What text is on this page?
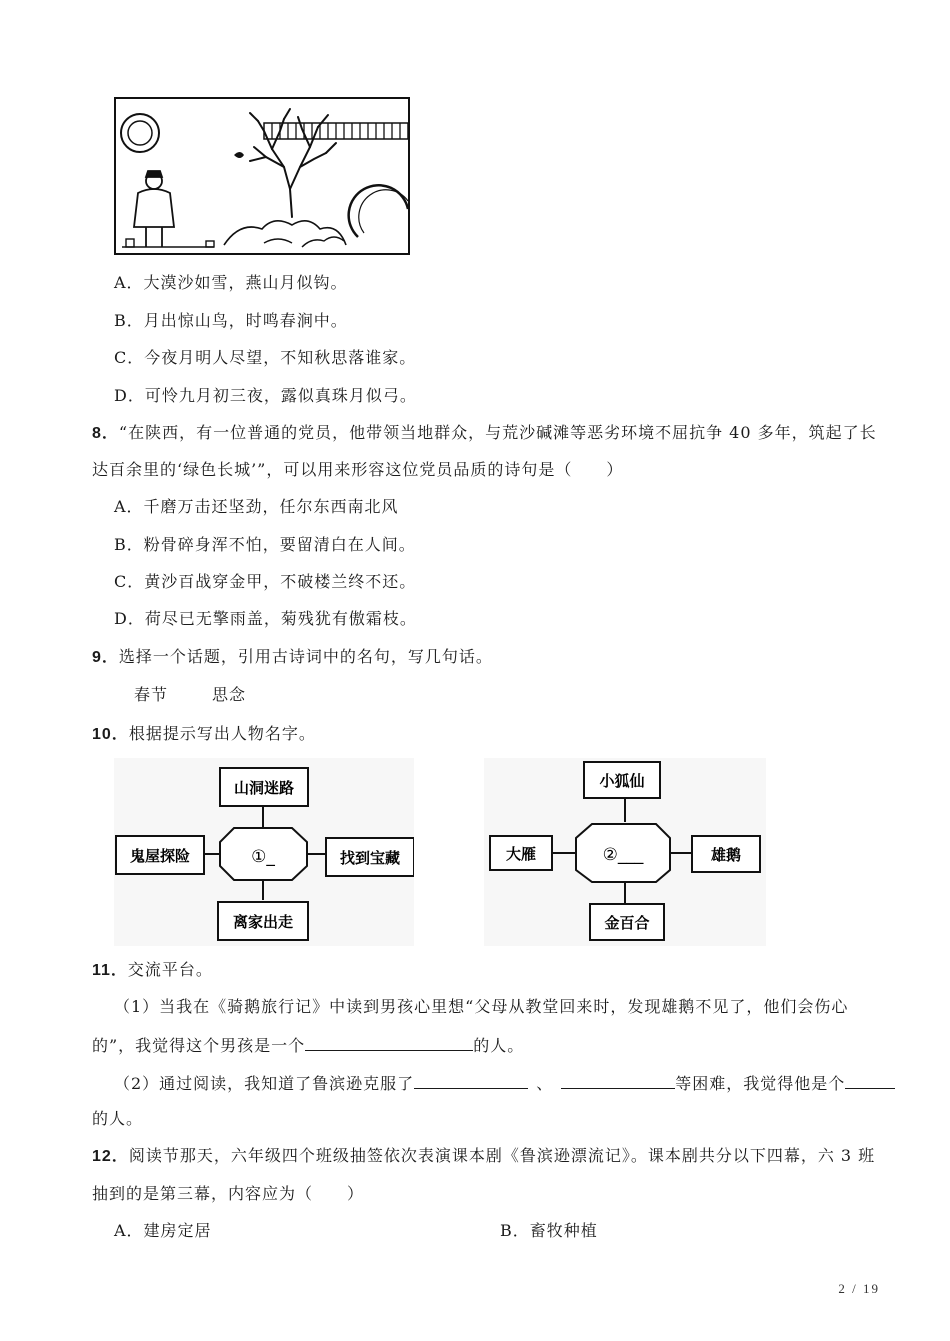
A．大漠沙如雪，燕山月似钩。
B．月出惊山鸟，时鸣春涧中。
C．今夜月明人尽望，不知秋思落谁家。
D．可怜九月初三夜，露似真珠月似弓。
8．“在陕西，有一位普通的党员，他带领当地群众，与荒沙碱滩等恶劣环境不屈抗争 40 多年，筑起了长
达百余里的‘绿色长城’”，可以用来形容这位党员品质的诗句是（　　）
A．千磨万击还坚劲，任尔东西南北风
B．粉骨碎身浑不怕，要留清白在人间。
C．黄沙百战穿金甲，不破楼兰终不还。
D．荷尽已无擎雨盖，菊残犹有傲霜枝。
9．选择一个话题，引用古诗词中的名句，写几句话。
春节	思念
10．根据提示写出人物名字。
山洞迷路
鬼屋探险	找到宝藏
离家出走
①_
小狐仙
大雁	雄鹅
金百合
②___
11．交流平台。
（1）当我在《骑鹅旅行记》中读到男孩心里想“父母从教堂回来时，发现雄鹅不见了，他们会伤心
的”，我觉得这个男孩是一个	的人。
（2）通过阅读，我知道了鲁滨逊克服了	、	等困难，我觉得他是个
的人。
12．阅读节那天，六年级四个班级抽签依次表演课本剧《鲁滨逊漂流记》。课本剧共分以下四幕，六 3 班
抽到的是第三幕，内容应为（　　）
A．建房定居	B．畜牧种植
2 / 19
